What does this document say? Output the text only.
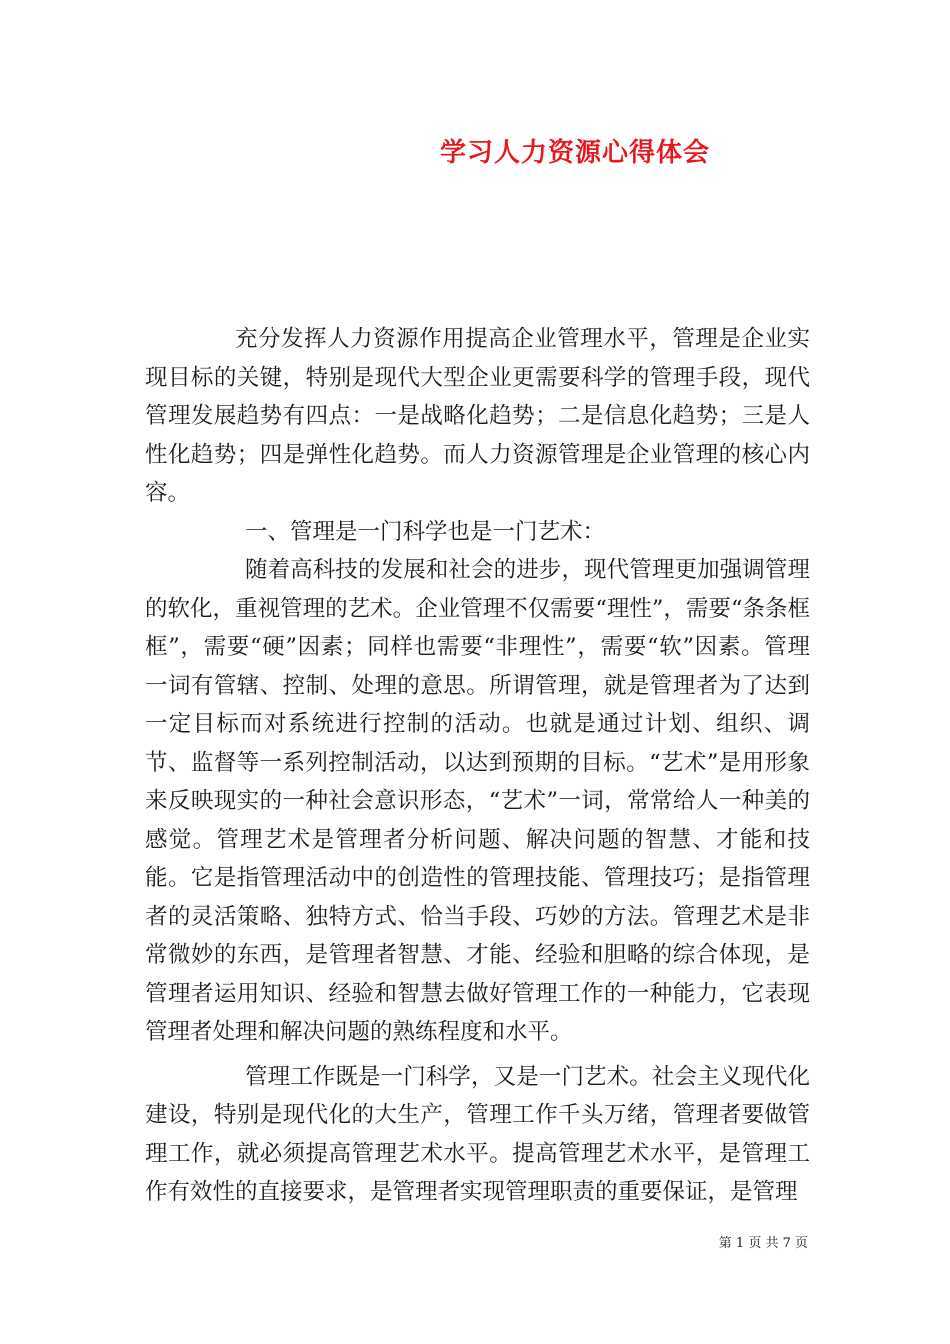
学习人力资源心得体会

充分发挥人力资源作用提高企业管理水平，管理是企业实现目标的关键，特别是现代大型企业更需要科学的管理手段，现代管理发展趋势有四点：一是战略化趋势；二是信息化趋势；三是人性化趋势；四是弹性化趋势。而人力资源管理是企业管理的核心内容。

一、管理是一门科学也是一门艺术：

随着高科技的发展和社会的进步，现代管理更加强调管理的软化，重视管理的艺术。企业管理不仅需要“理性”，需要“条条框框”，需要“硬”因素；同样也需要“非理性”，需要“软”因素。管理一词有管辖、控制、处理的意思。所谓管理，就是管理者为了达到一定目标而对系统进行控制的活动。也就是通过计划、组织、调节、监督等一系列控制活动，以达到预期的目标。“艺术”是用形象来反映现实的一种社会意识形态，“艺术”一词，常常给人一种美的感觉。管理艺术是管理者分析问题、解决问题的智慧、才能和技能。它是指管理活动中的创造性的管理技能、管理技巧；是指管理者的灵活策略、独特方式、恰当手段、巧妙的方法。管理艺术是非常微妙的东西，是管理者智慧、才能、经验和胆略的综合体现，是管理者运用知识、经验和智慧去做好管理工作的一种能力，它表现管理者处理和解决问题的熟练程度和水平。

管理工作既是一门科学，又是一门艺术。社会主义现代化建设，特别是现代化的大生产，管理工作千头万绪，管理者要做管理工作，就必须提高管理艺术水平。提高管理艺术水平，是管理工作有效性的直接要求，是管理者实现管理职责的重要保证，是管理

第 1 页 共 7 页
